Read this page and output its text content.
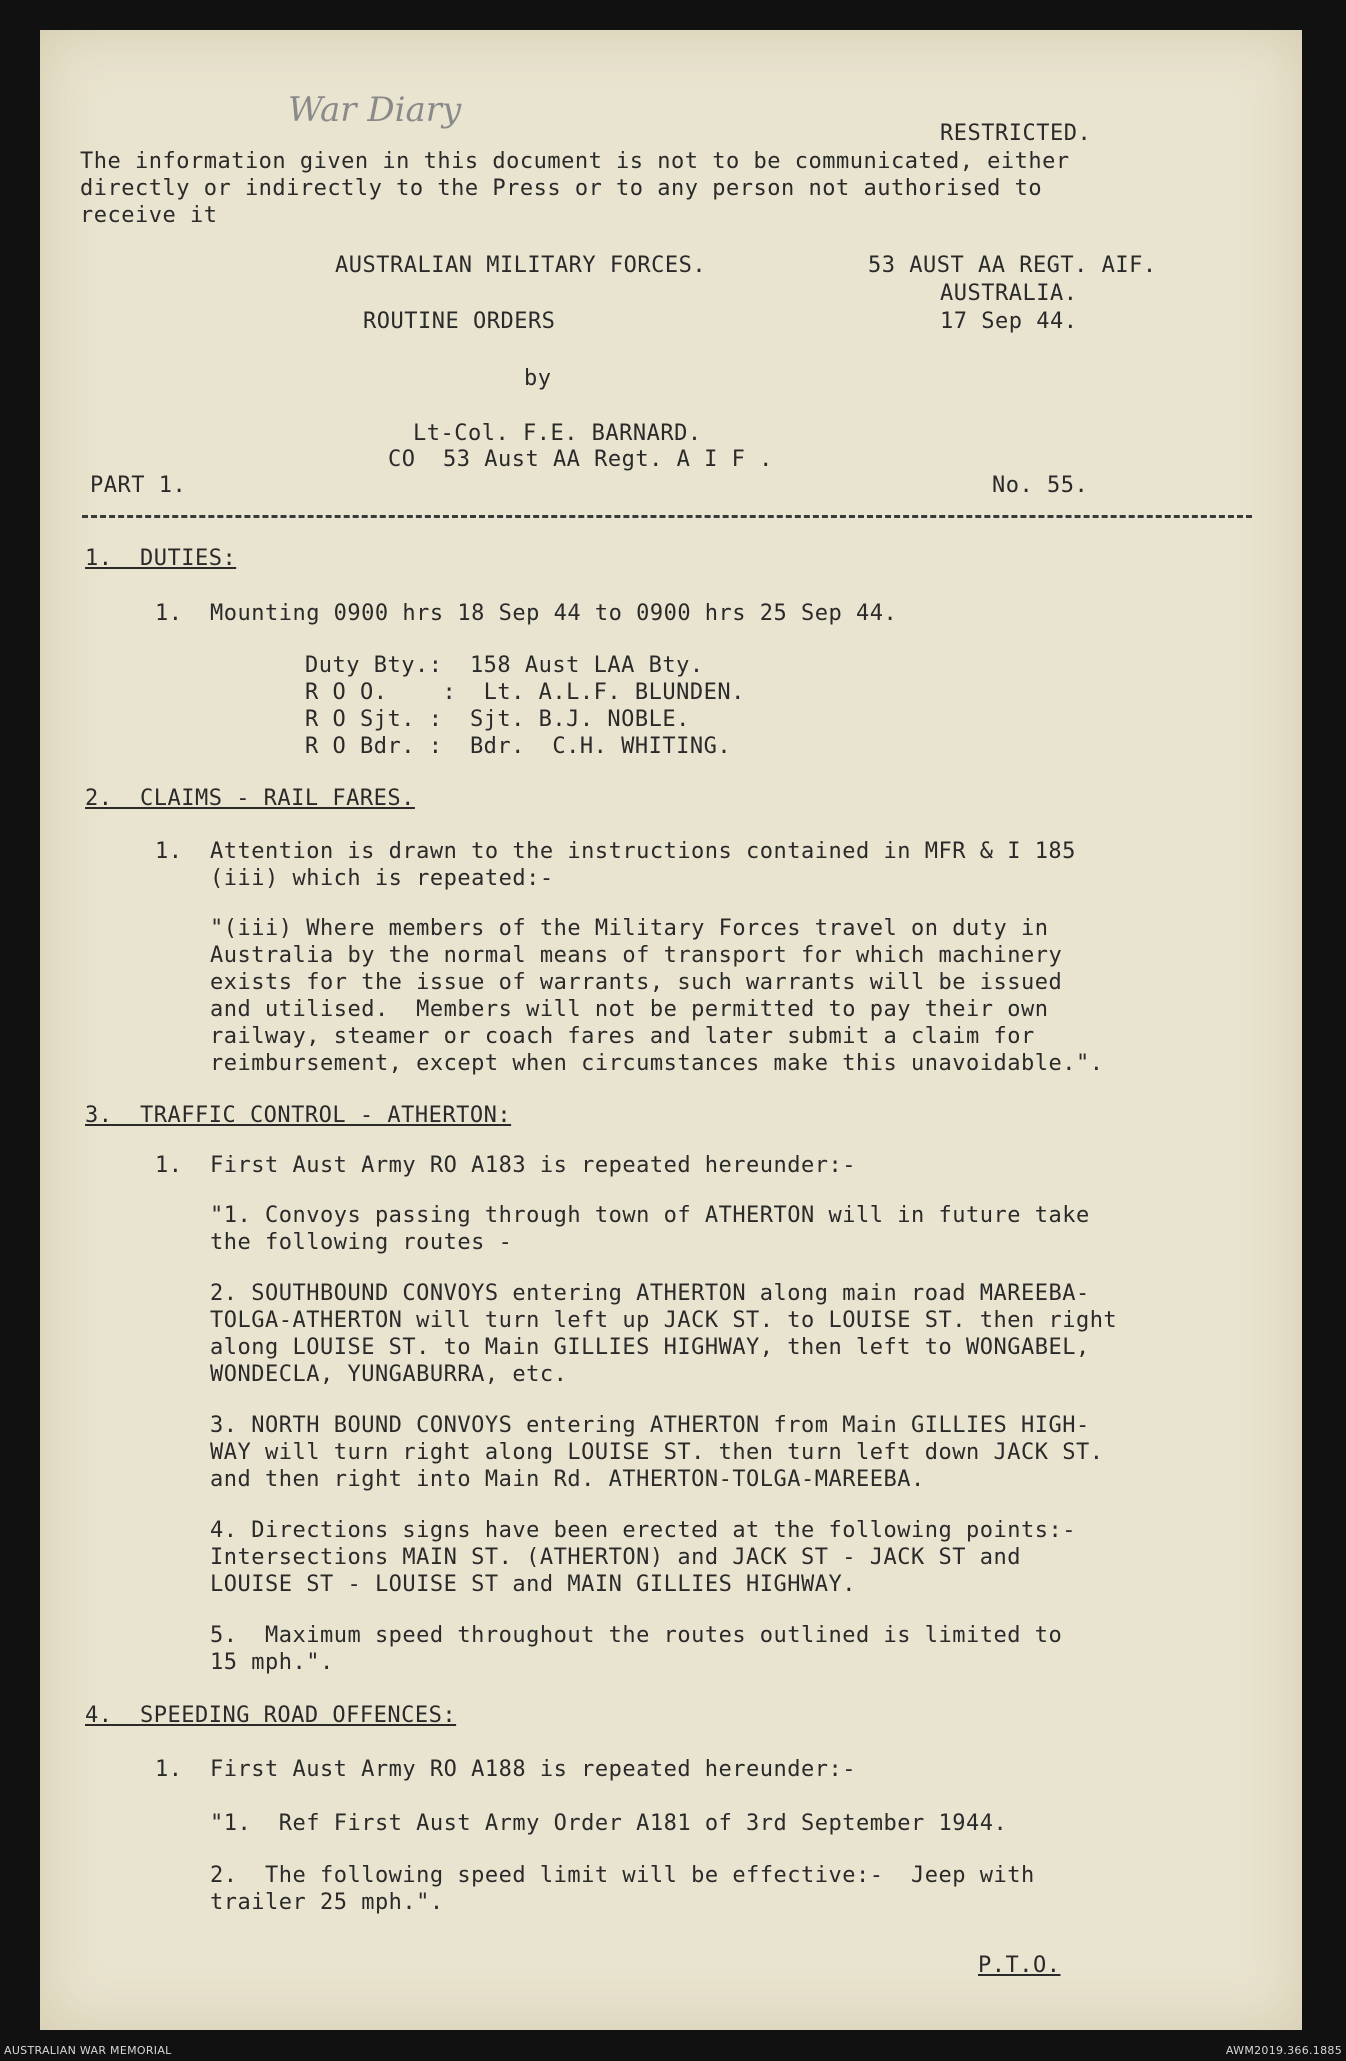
War Diary
RESTRICTED.
The information given in this document is not to be communicated, either
directly or indirectly to the Press or to any person not authorised to
receive it
AUSTRALIAN MILITARY FORCES.	53 AUST AA REGT. AIF.
AUSTRALIA.
ROUTINE ORDERS	17 Sep 44.
by
Lt-Col. F.E. BARNARD.
CO  53 Aust AA Regt. A I F .
PART 1.	No. 55.
1.  DUTIES:
1.  Mounting 0900 hrs 18 Sep 44 to 0900 hrs 25 Sep 44.
Duty Bty.:  158 Aust LAA Bty.
R O O.    :  Lt. A.L.F. BLUNDEN.
R O Sjt. :  Sjt. B.J. NOBLE.
R O Bdr. :  Bdr.  C.H. WHITING.
2.  CLAIMS - RAIL FARES.
1.  Attention is drawn to the instructions contained in MFR & I 185
(iii) which is repeated:-
"(iii) Where members of the Military Forces travel on duty in
Australia by the normal means of transport for which machinery
exists for the issue of warrants, such warrants will be issued
and utilised.  Members will not be permitted to pay their own
railway, steamer or coach fares and later submit a claim for
reimbursement, except when circumstances make this unavoidable.".
3.  TRAFFIC CONTROL - ATHERTON:
1.  First Aust Army RO A183 is repeated hereunder:-
"1. Convoys passing through town of ATHERTON will in future take
the following routes -
2. SOUTHBOUND CONVOYS entering ATHERTON along main road MAREEBA-
TOLGA-ATHERTON will turn left up JACK ST. to LOUISE ST. then right
along LOUISE ST. to Main GILLIES HIGHWAY, then left to WONGABEL,
WONDECLA, YUNGABURRA, etc.
3. NORTH BOUND CONVOYS entering ATHERTON from Main GILLIES HIGH-
WAY will turn right along LOUISE ST. then turn left down JACK ST.
and then right into Main Rd. ATHERTON-TOLGA-MAREEBA.
4. Directions signs have been erected at the following points:-
Intersections MAIN ST. (ATHERTON) and JACK ST - JACK ST and
LOUISE ST - LOUISE ST and MAIN GILLIES HIGHWAY.
5.  Maximum speed throughout the routes outlined is limited to
15 mph.".
4.  SPEEDING ROAD OFFENCES:
1.  First Aust Army RO A188 is repeated hereunder:-
"1.  Ref First Aust Army Order A181 of 3rd September 1944.
2.  The following speed limit will be effective:-  Jeep with
trailer 25 mph.".
P.T.O.
AUSTRALIAN WAR MEMORIAL	AWM2019.366.1885
